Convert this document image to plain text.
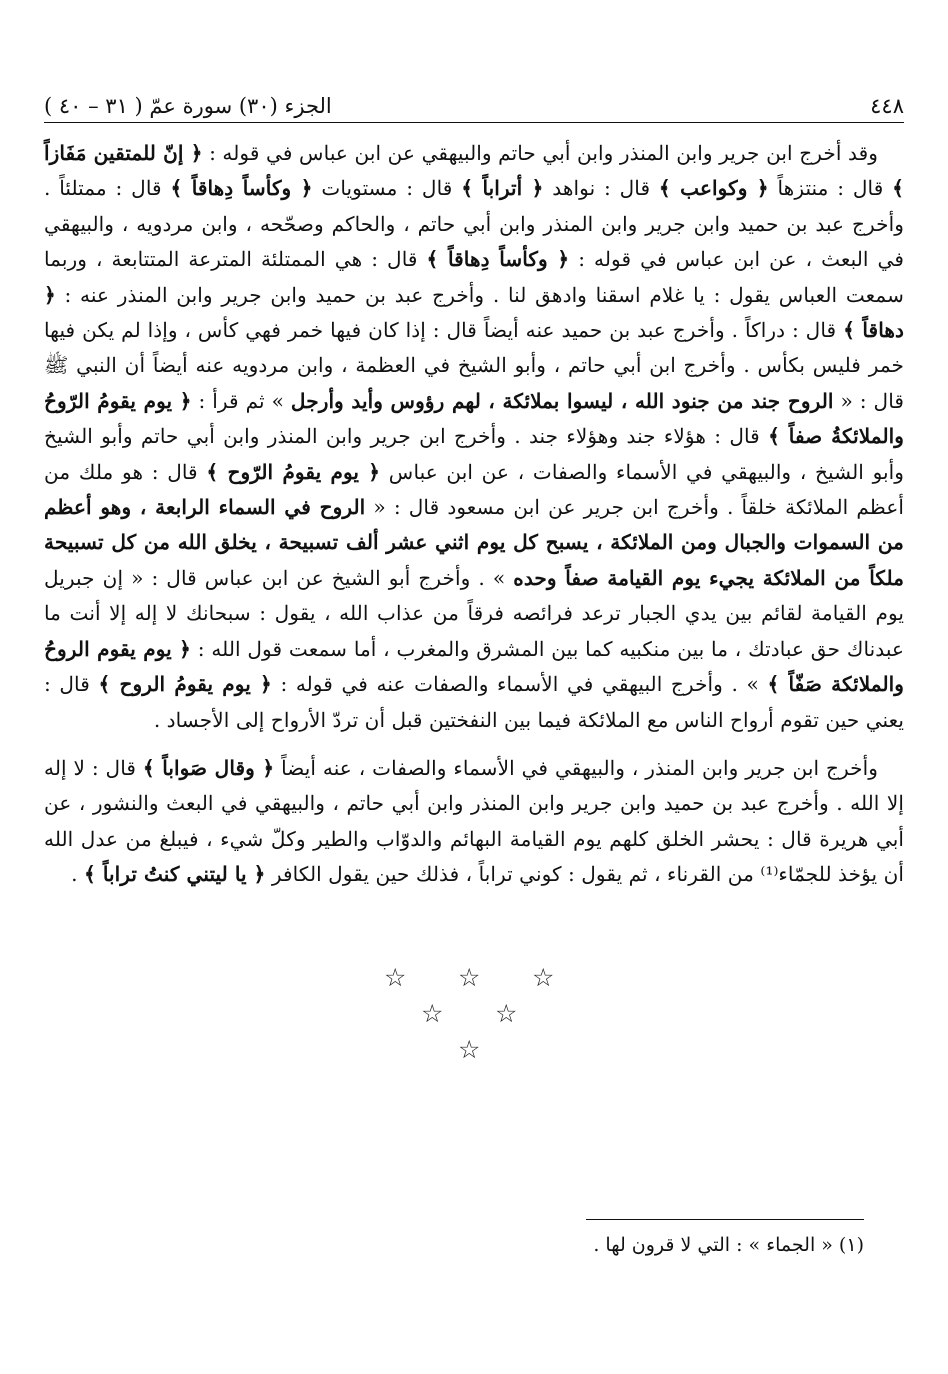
٤٤٨
الجزء (٣٠) سورة عمّ ( ٣١ – ٤٠ )

وقد أخرج ابن جرير وابن المنذر وابن أبي حاتم والبيهقي عن ابن عباس في قوله : ﴿ إنّ للمتقين مَفَازاً ﴾ قال : منتزهاً ﴿ وكواعب ﴾ قال : نواهد ﴿ أتراباً ﴾ قال : مستويات ﴿ وكأساً دِهاقاً ﴾ قال : ممتلئاً . وأخرج عبد بن حميد وابن جرير وابن المنذر وابن أبي حاتم ، والحاكم وصحّحه ، وابن مردويه ، والبيهقي في البعث ، عن ابن عباس في قوله : ﴿ وكأساً دِهاقاً ﴾ قال : هي الممتلئة المترعة المتتابعة ، وربما سمعت العباس يقول : يا غلام اسقنا وادهق لنا . وأخرج عبد بن حميد وابن جرير وابن المنذر عنه : ﴿ دهاقاً ﴾ قال : دراكاً . وأخرج عبد بن حميد عنه أيضاً قال : إذا كان فيها خمر فهي كأس ، وإذا لم يكن فيها خمر فليس بكأس . وأخرج ابن أبي حاتم ، وأبو الشيخ في العظمة ، وابن مردويه عنه أيضاً أن النبي ﷺ قال : « الروح جند من جنود الله ، ليسوا بملائكة ، لهم رؤوس وأيد وأرجل » ثم قرأ : ﴿ يوم يقومُ الرّوحُ والملائكةُ صفاً ﴾ قال : هؤلاء جند وهؤلاء جند . وأخرج ابن جرير وابن المنذر وابن أبي حاتم وأبو الشيخ وأبو الشيخ ، والبيهقي في الأسماء والصفات ، عن ابن عباس ﴿ يوم يقومُ الرّوح ﴾ قال : هو ملك من أعظم الملائكة خلقاً . وأخرج ابن جرير عن ابن مسعود قال : « الروح في السماء الرابعة ، وهو أعظم من السموات والجبال ومن الملائكة ، يسبح كل يوم اثني عشر ألف تسبيحة ، يخلق الله من كل تسبيحة ملكاً من الملائكة يجيء يوم القيامة صفاً وحده » . وأخرج أبو الشيخ عن ابن عباس قال : « إن جبريل يوم القيامة لقائم بين يدي الجبار ترعد فرائصه فرقاً من عذاب الله ، يقول : سبحانك لا إله إلا أنت ما عبدناك حق عبادتك ، ما بين منكبيه كما بين المشرق والمغرب ، أما سمعت قول الله : ﴿ يوم يقوم الروحُ والملائكة صَفّاً ﴾ » . وأخرج البيهقي في الأسماء والصفات عنه في قوله : ﴿ يوم يقومُ الروح ﴾ قال : يعني حين تقوم أرواح الناس مع الملائكة فيما بين النفختين قبل أن تردّ الأرواح إلى الأجساد .

وأخرج ابن جرير وابن المنذر ، والبيهقي في الأسماء والصفات ، عنه أيضاً ﴿ وقال صَواباً ﴾ قال : لا إله إلا الله . وأخرج عبد بن حميد وابن جرير وابن المنذر وابن أبي حاتم ، والبيهقي في البعث والنشور ، عن أبي هريرة قال : يحشر الخلق كلهم يوم القيامة البهائم والدوّاب والطير وكلّ شيء ، فيبلغ من عدل الله أن يؤخذ للجمّاء⁽¹⁾ من القرناء ، ثم يقول : كوني تراباً ، فذلك حين يقول الكافر ﴿ يا ليتني كنتُ تراباً ﴾ .

☆ ☆ ☆
☆ ☆
☆
(١) « الجماء » : التي لا قرون لها .
